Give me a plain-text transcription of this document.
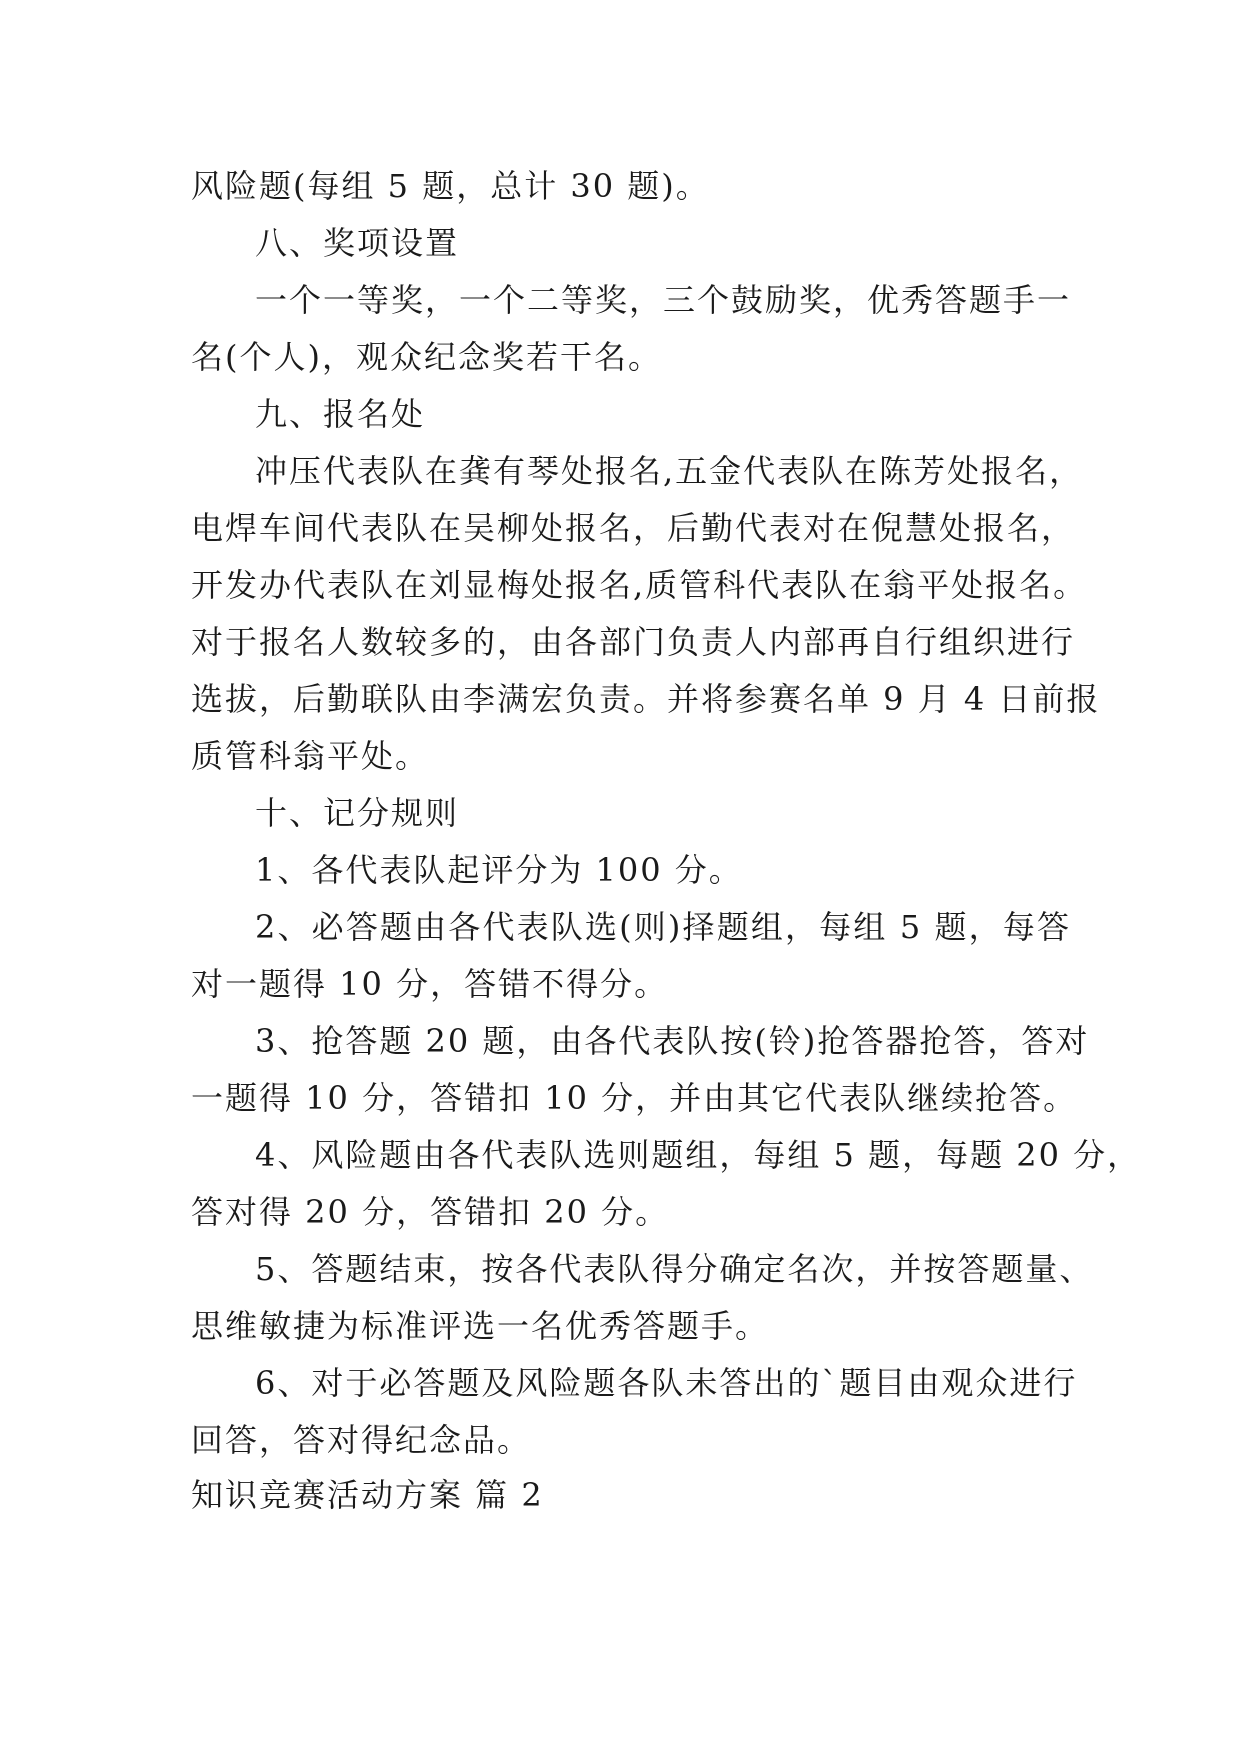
风险题(每组 5 题，总计 30 题)。
八、奖项设置
一个一等奖，一个二等奖，三个鼓励奖，优秀答题手一
名(个人)，观众纪念奖若干名。
九、报名处
冲压代表队在龚有琴处报名,五金代表队在陈芳处报名，
电焊车间代表队在吴柳处报名，后勤代表对在倪慧处报名，
开发办代表队在刘显梅处报名,质管科代表队在翁平处报名。
对于报名人数较多的，由各部门负责人内部再自行组织进行
选拔，后勤联队由李满宏负责。并将参赛名单 9 月 4 日前报
质管科翁平处。
十、记分规则
1、各代表队起评分为 100 分。
2、必答题由各代表队选(则)择题组，每组 5 题，每答
对一题得 10 分，答错不得分。
3、抢答题 20 题，由各代表队按(铃)抢答器抢答，答对
一题得 10 分，答错扣 10 分，并由其它代表队继续抢答。
4、风险题由各代表队选则题组，每组 5 题，每题 20 分，
答对得 20 分，答错扣 20 分。
5、答题结束，按各代表队得分确定名次，并按答题量、
思维敏捷为标准评选一名优秀答题手。
6、对于必答题及风险题各队未答出的`题目由观众进行
回答，答对得纪念品。
知识竞赛活动方案 篇 2
